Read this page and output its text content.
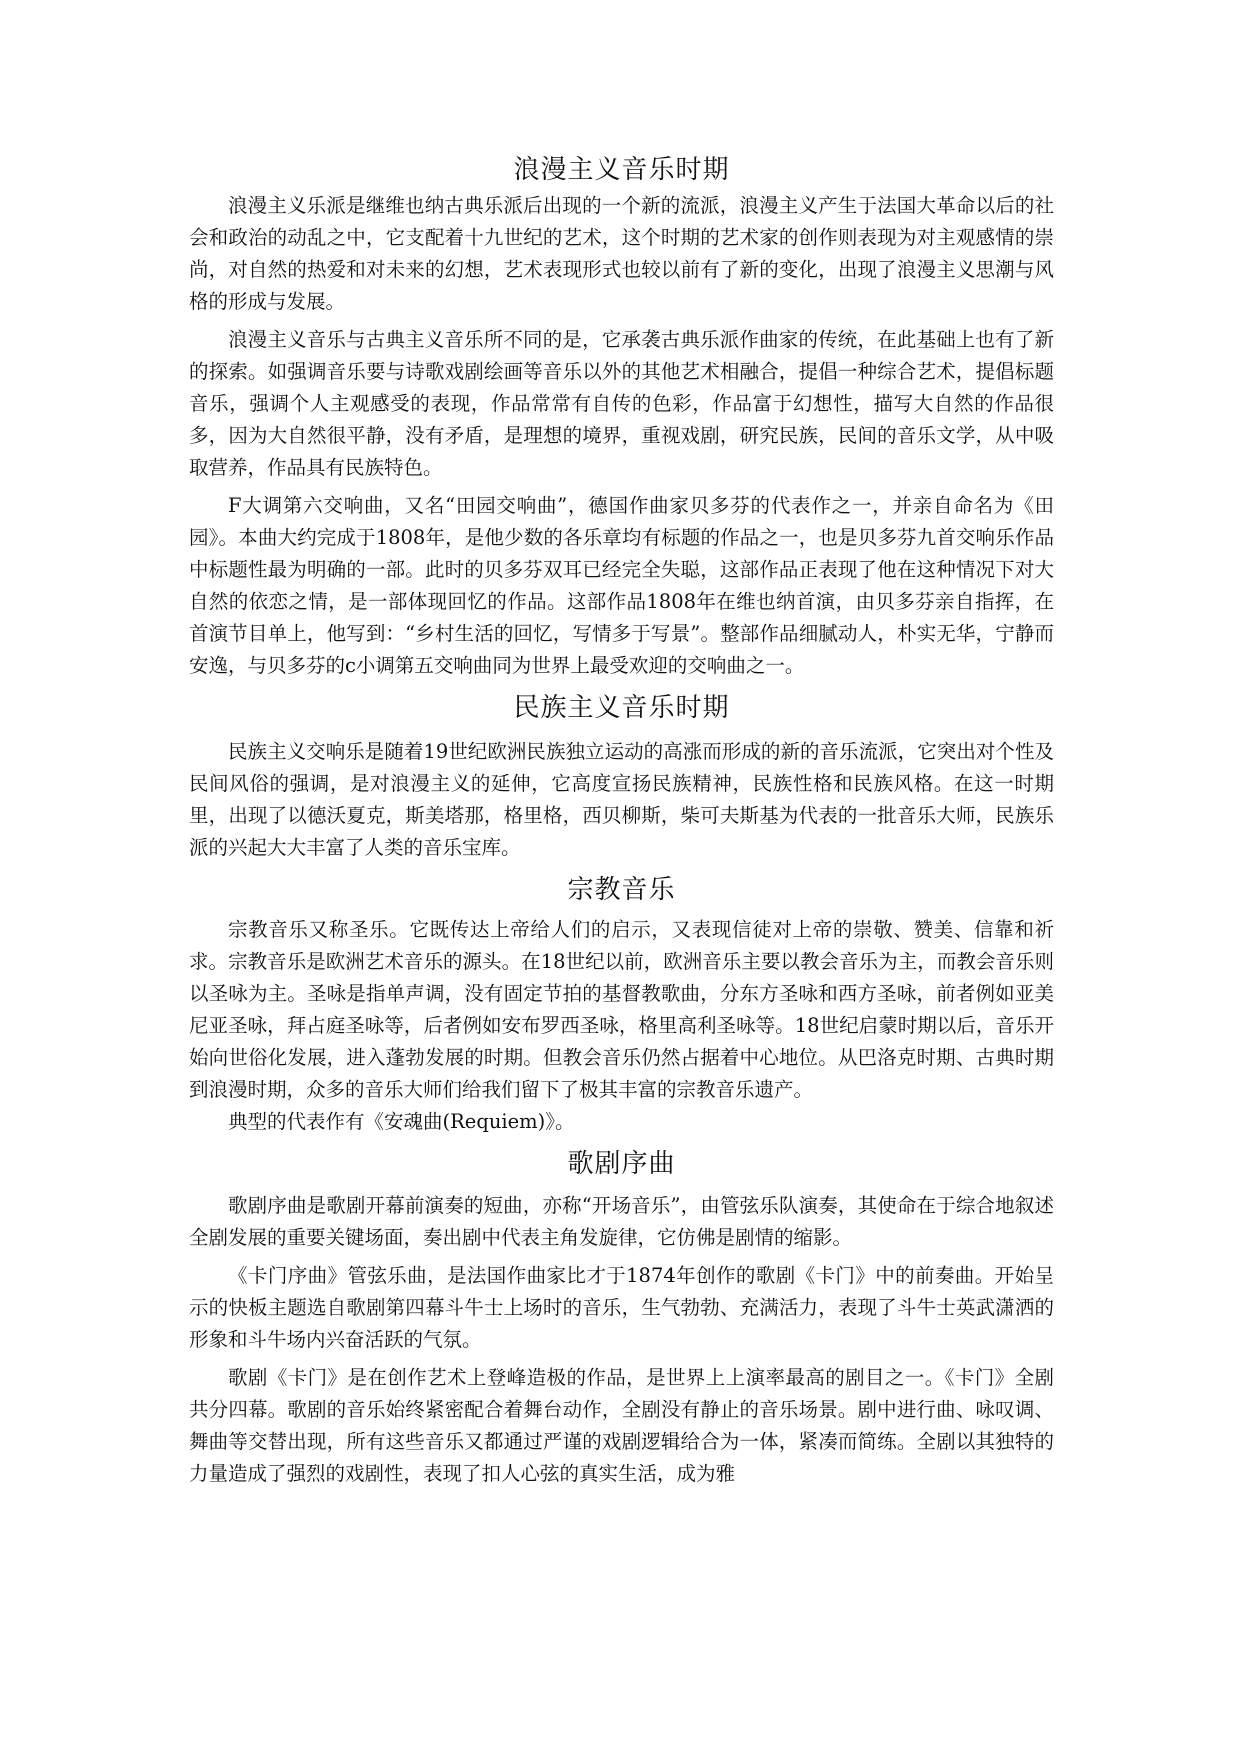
浪漫主义音乐时期

浪漫主义乐派是继维也纳古典乐派后出现的一个新的流派，浪漫主义产生于法国大革命以后的社会和政治的动乱之中，它支配着十九世纪的艺术，这个时期的艺术家的创作则表现为对主观感情的崇尚，对自然的热爱和对未来的幻想，艺术表现形式也较以前有了新的变化，出现了浪漫主义思潮与风格的形成与发展。

浪漫主义音乐与古典主义音乐所不同的是，它承袭古典乐派作曲家的传统，在此基础上也有了新的探索。如强调音乐要与诗歌戏剧绘画等音乐以外的其他艺术相融合，提倡一种综合艺术，提倡标题音乐，强调个人主观感受的表现，作品常常有自传的色彩，作品富于幻想性，描写大自然的作品很多，因为大自然很平静，没有矛盾，是理想的境界，重视戏剧，研究民族，民间的音乐文学，从中吸取营养，作品具有民族特色。

F大调第六交响曲，又名“田园交响曲”，德国作曲家贝多芬的代表作之一，并亲自命名为《田园》。本曲大约完成于1808年，是他少数的各乐章均有标题的作品之一，也是贝多芬九首交响乐作品中标题性最为明确的一部。此时的贝多芬双耳已经完全失聪，这部作品正表现了他在这种情况下对大自然的依恋之情，是一部体现回忆的作品。这部作品1808年在维也纳首演，由贝多芬亲自指挥，在首演节目单上，他写到：“乡村生活的回忆，写情多于写景”。整部作品细腻动人，朴实无华，宁静而安逸，与贝多芬的c小调第五交响曲同为世界上最受欢迎的交响曲之一。

民族主义音乐时期

民族主义交响乐是随着19世纪欧洲民族独立运动的高涨而形成的新的音乐流派，它突出对个性及民间风俗的强调，是对浪漫主义的延伸，它高度宣扬民族精神，民族性格和民族风格。在这一时期里，出现了以德沃夏克，斯美塔那，格里格，西贝柳斯，柴可夫斯基为代表的一批音乐大师，民族乐派的兴起大大丰富了人类的音乐宝库。

宗教音乐

宗教音乐又称圣乐。它既传达上帝给人们的启示，又表现信徒对上帝的崇敬、赞美、信靠和祈求。宗教音乐是欧洲艺术音乐的源头。在18世纪以前，欧洲音乐主要以教会音乐为主，而教会音乐则以圣咏为主。圣咏是指单声调，没有固定节拍的基督教歌曲，分东方圣咏和西方圣咏，前者例如亚美尼亚圣咏，拜占庭圣咏等，后者例如安布罗西圣咏，格里高利圣咏等。18世纪启蒙时期以后，音乐开始向世俗化发展，进入蓬勃发展的时期。但教会音乐仍然占据着中心地位。从巴洛克时期、古典时期到浪漫时期，众多的音乐大师们给我们留下了极其丰富的宗教音乐遗产。

典型的代表作有《安魂曲(Requiem)》。

歌剧序曲

歌剧序曲是歌剧开幕前演奏的短曲，亦称“开场音乐”，由管弦乐队演奏，其使命在于综合地叙述全剧发展的重要关键场面，奏出剧中代表主角发旋律，它仿佛是剧情的缩影。

《卡门序曲》管弦乐曲，是法国作曲家比才于1874年创作的歌剧《卡门》中的前奏曲。开始呈示的快板主题选自歌剧第四幕斗牛士上场时的音乐，生气勃勃、充满活力，表现了斗牛士英武潇洒的形象和斗牛场内兴奋活跃的气氛。

歌剧《卡门》是在创作艺术上登峰造极的作品，是世界上上演率最高的剧目之一。《卡门》全剧共分四幕。歌剧的音乐始终紧密配合着舞台动作，全剧没有静止的音乐场景。剧中进行曲、咏叹调、舞曲等交替出现，所有这些音乐又都通过严谨的戏剧逻辑给合为一体，紧凑而简练。全剧以其独特的力量造成了强烈的戏剧性，表现了扣人心弦的真实生活，成为雅
